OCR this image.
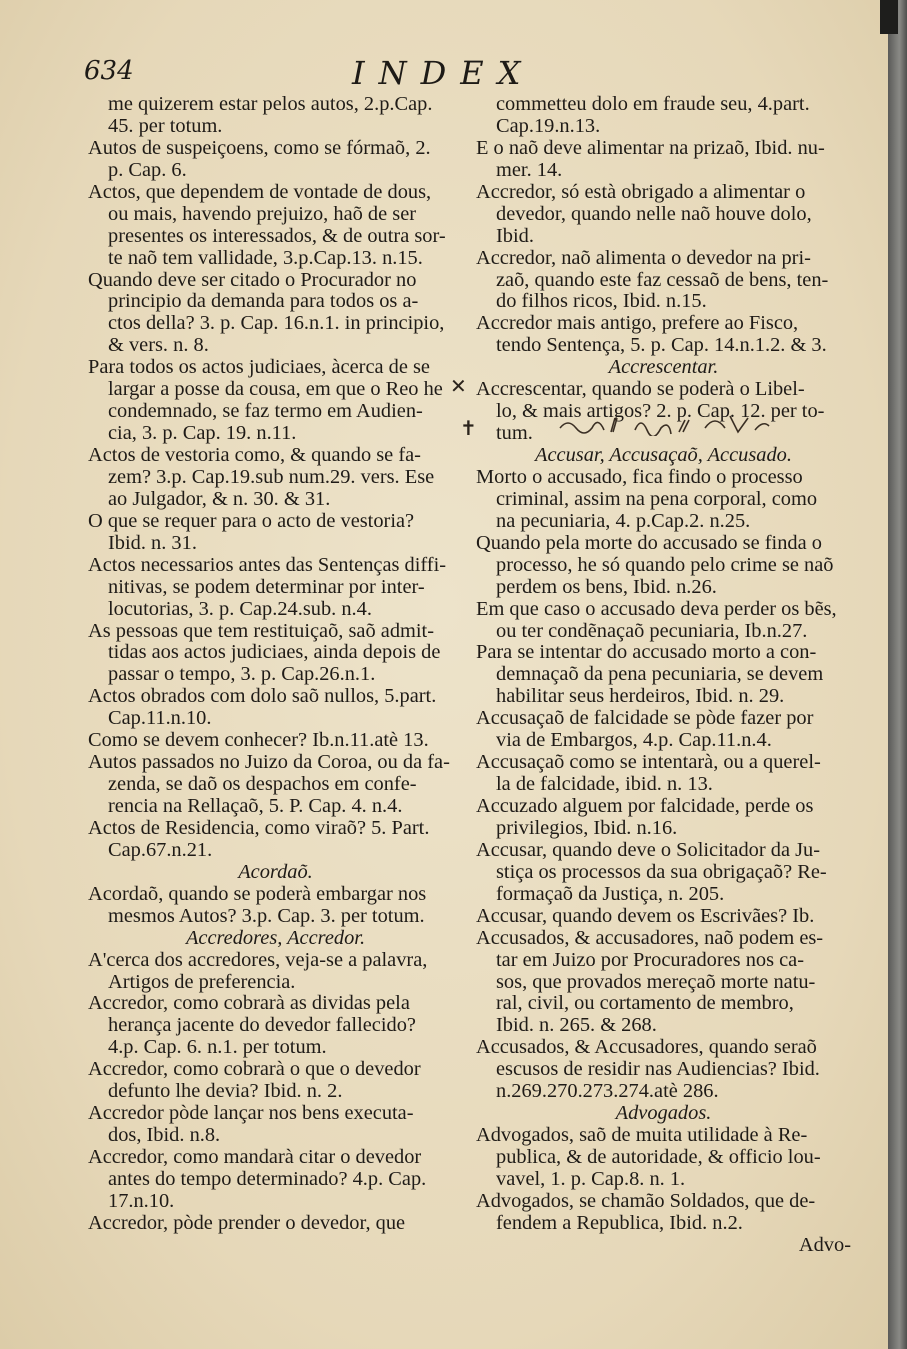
634	INDEX
me quizerem estar pelos autos, 2.p.Cap.
45. per totum.
Autos de suspeiçoens, como se fórmaõ, 2.
p. Cap. 6.
Actos, que dependem de vontade de dous,
ou mais, havendo prejuizo, haõ de ser
presentes os interessados, & de outra sor-
te naõ tem vallidade, 3.p.Cap.13. n.15.
Quando deve ser citado o Procurador no
principio da demanda para todos os a-
ctos della? 3. p. Cap. 16.n.1. in principio,
& vers. n. 8.
Para todos os actos judiciaes, àcerca de se
largar a posse da cousa, em que o Reo he
condemnado, se faz termo em Audien-
cia, 3. p. Cap. 19. n.11.
Actos de vestoria como, & quando se fa-
zem? 3.p. Cap.19.sub num.29. vers. Ese
ao Julgador, & n. 30. & 31.
O que se requer para o acto de vestoria?
Ibid. n. 31.
Actos necessarios antes das Sentenças diffi-
nitivas, se podem determinar por inter-
locutorias, 3. p. Cap.24.sub. n.4.
As pessoas que tem restituiçaõ, saõ admit-
tidas aos actos judiciaes, ainda depois de
passar o tempo, 3. p. Cap.26.n.1.
Actos obrados com dolo saõ nullos, 5.part.
Cap.11.n.10.
Como se devem conhecer? Ib.n.11.atè 13.
Autos passados no Juizo da Coroa, ou da fa-
zenda, se daõ os despachos em confe-
rencia na Rellaçaõ, 5. P. Cap. 4. n.4.
Actos de Residencia, como viraõ? 5. Part.
Cap.67.n.21.
Acordaõ.
Acordaõ, quando se poderà embargar nos
mesmos Autos? 3.p. Cap. 3. per totum.
Accredores, Accredor.
A'cerca dos accredores, veja-se a palavra,
Artigos de preferencia.
Accredor, como cobrarà as dividas pela
herança jacente do devedor fallecido?
4.p. Cap. 6. n.1. per totum.
Accredor, como cobrarà o que o devedor
defunto lhe devia? Ibid. n. 2.
Accredor pòde lançar nos bens executa-
dos, Ibid. n.8.
Accredor, como mandarà citar o devedor
antes do tempo determinado? 4.p. Cap.
17.n.10.
Accredor, pòde prender o devedor, que
commetteu dolo em fraude seu, 4.part.
Cap.19.n.13.
E o naõ deve alimentar na prizaõ, Ibid. nu-
mer. 14.
Accredor, só està obrigado a alimentar o
devedor, quando nelle naõ houve dolo,
Ibid.
Accredor, naõ alimenta o devedor na pri-
zaõ, quando este faz cessaõ de bens, ten-
do filhos ricos, Ibid. n.15.
Accredor mais antigo, prefere ao Fisco,
tendo Sentença, 5. p. Cap. 14.n.1.2. & 3.
Accrescentar.
Accrescentar, quando se poderà o Libel-
lo, & mais artigos? 2. p. Cap. 12. per to-
tum.
Accusar, Accusaçaõ, Accusado.
Morto o accusado, fica findo o processo
criminal, assim na pena corporal, como
na pecuniaria, 4. p.Cap.2. n.25.
Quando pela morte do accusado se finda o
processo, he só quando pelo crime se naõ
perdem os bens, Ibid. n.26.
Em que caso o accusado deva perder os bẽs,
ou ter condẽnaçaõ pecuniaria, Ib.n.27.
Para se intentar do accusado morto a con-
demnaçaõ da pena pecuniaria, se devem
habilitar seus herdeiros, Ibid. n. 29.
Accusaçaõ de falcidade se pòde fazer por
via de Embargos, 4.p. Cap.11.n.4.
Accusaçaõ como se intentarà, ou a querel-
la de falcidade, ibid. n. 13.
Accuzado alguem por falcidade, perde os
privilegios, Ibid. n.16.
Accusar, quando deve o Solicitador da Ju-
stiça os processos da sua obrigaçaõ? Re-
formaçaõ da Justiça, n. 205.
Accusar, quando devem os Escrivães? Ib.
Accusados, & accusadores, naõ podem es-
tar em Juizo por Procuradores nos ca-
sos, que provados mereçaõ morte natu-
ral, civil, ou cortamento de membro,
Ibid. n. 265. & 268.
Accusados, & Accusadores, quando seraõ
escusos de residir nas Audiencias? Ibid.
n.269.270.273.274.atè 286.
Advogados.
Advogados, saõ de muita utilidade à Re-
publica, & de autoridade, & officio lou-
vavel, 1. p. Cap.8. n. 1.
Advogados, se chamão Soldados, que de-
fendem a Republica, Ibid. n.2.
Advo-
✕
✝
